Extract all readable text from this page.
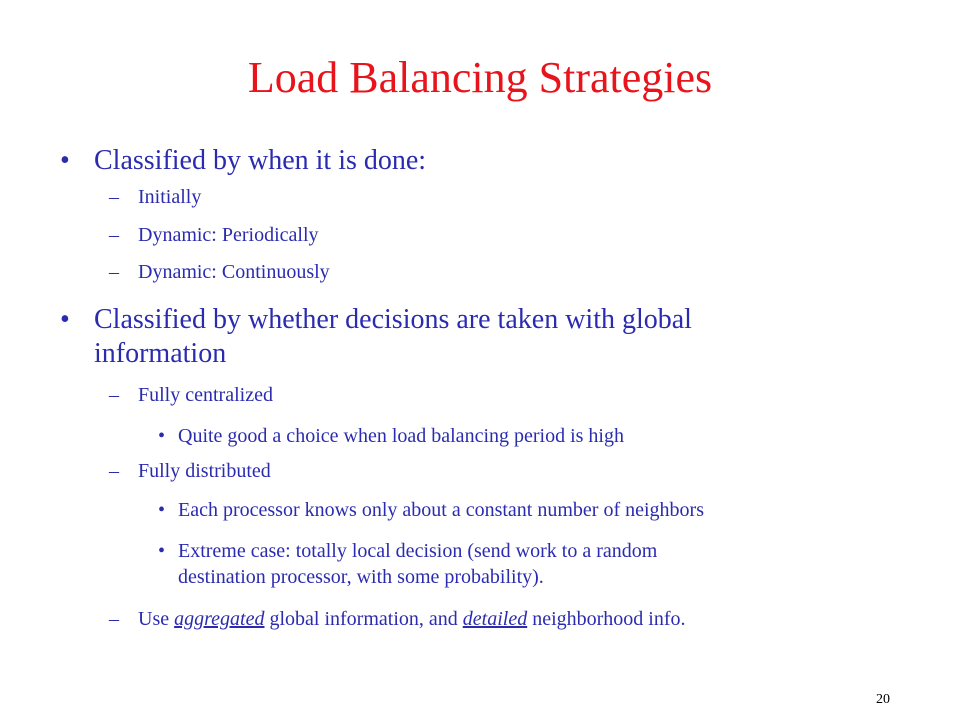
Load Balancing Strategies
• Classified by when it is done:
– Initially
– Dynamic: Periodically
– Dynamic: Continuously
• Classified by whether decisions are taken with global
information
– Fully centralized
• Quite good a choice when load balancing period is high
– Fully distributed
• Each processor knows only about a constant number of neighbors
• Extreme case: totally local decision (send work to a random
destination processor, with some probability).
– Use aggregated global information, and detailed neighborhood info.
20
